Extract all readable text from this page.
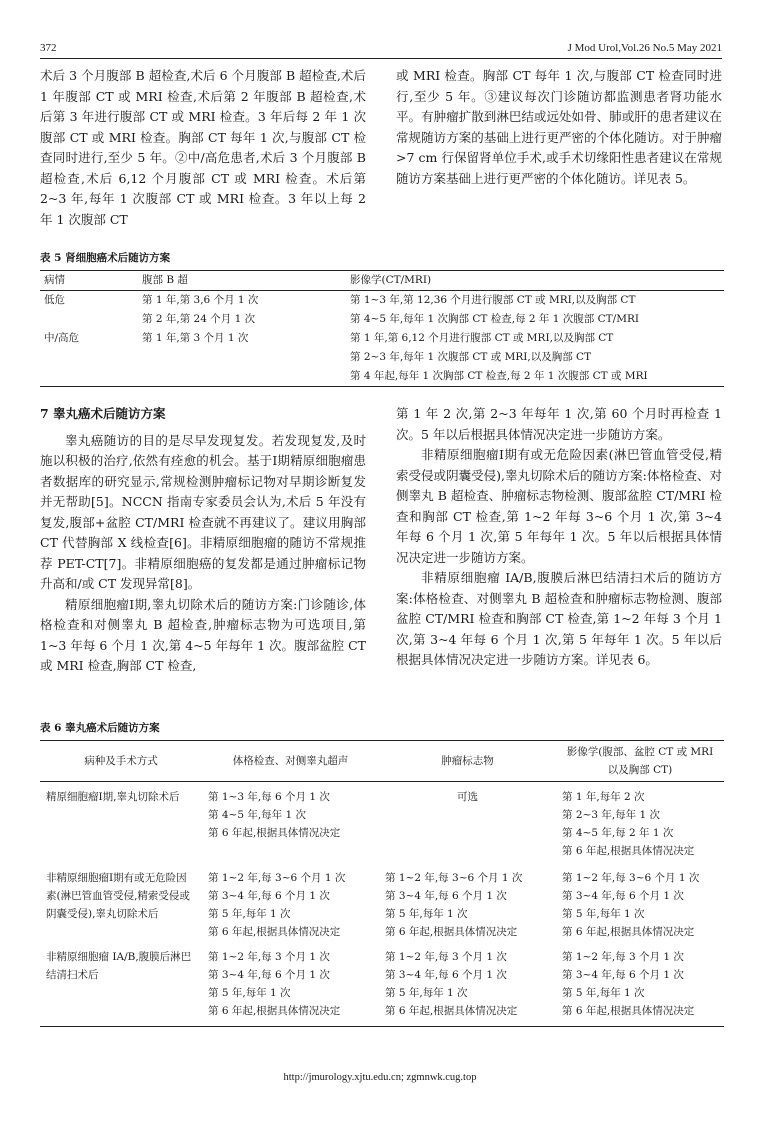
372	J Mod Urol,Vol.26 No.5 May 2021

术后 3 个月腹部 B 超检查,术后 6 个月腹部 B 超检查,术后 1 年腹部 CT 或 MRI 检查,术后第 2 年腹部 B 超检查,术后第 3 年进行腹部 CT 或 MRI 检查。3 年后每 2 年 1 次腹部 CT 或 MRI 检查。胸部 CT 每年 1 次,与腹部 CT 检查同时进行,至少 5 年。②中/高危患者,术后 3 个月腹部 B 超检查,术后 6,12 个月腹部 CT 或 MRI 检查。术后第 2~3 年,每年 1 次腹部 CT 或 MRI 检查。3 年以上每 2 年 1 次腹部 CT

或 MRI 检查。胸部 CT 每年 1 次,与腹部 CT 检查同时进行,至少 5 年。③建议每次门诊随访都监测患者肾功能水平。有肿瘤扩散到淋巴结或远处如骨、肺或肝的患者建议在常规随访方案的基础上进行更严密的个体化随访。对于肿瘤>7 cm 行保留肾单位手术,或手术切缘阳性患者建议在常规随访方案基础上进行更严密的个体化随访。详见表 5。

表 5 肾细胞癌术后随访方案
病情	腹部 B 超	影像学(CT/MRI)
低危	第 1 年,第 3,6 个月 1 次	第 1~3 年,第 12,36 个月进行腹部 CT 或 MRI,以及胸部 CT
	第 2 年,第 24 个月 1 次	第 4~5 年,每年 1 次胸部 CT 检查,每 2 年 1 次腹部 CT/MRI
中/高危	第 1 年,第 3 个月 1 次	第 1 年,第 6,12 个月进行腹部 CT 或 MRI,以及胸部 CT
		第 2~3 年,每年 1 次腹部 CT 或 MRI,以及胸部 CT
		第 4 年起,每年 1 次胸部 CT 检查,每 2 年 1 次腹部 CT 或 MRI

7 睾丸癌术后随访方案

睾丸癌随访的目的是尽早发现复发。若发现复发,及时施以积极的治疗,依然有痊愈的机会。基于Ⅰ期精原细胞瘤患者数据库的研究显示,常规检测肿瘤标记物对早期诊断复发并无帮助[5]。NCCN 指南专家委员会认为,术后 5 年没有复发,腹部+盆腔 CT/MRI 检查就不再建议了。建议用胸部 CT 代替胸部 X 线检查[6]。非精原细胞瘤的随访不常规推荐 PET-CT[7]。非精原细胞癌的复发都是通过肿瘤标记物升高和/或 CT 发现异常[8]。

精原细胞瘤Ⅰ期,睾丸切除术后的随访方案:门诊随诊,体格检查和对侧睾丸 B 超检查,肿瘤标志物为可选项目,第 1~3 年每 6 个月 1 次,第 4~5 年每年 1 次。腹部盆腔 CT 或 MRI 检查,胸部 CT 检查,

第 1 年 2 次,第 2~3 年每年 1 次,第 60 个月时再检查 1 次。5 年以后根据具体情况决定进一步随访方案。

非精原细胞瘤Ⅰ期有或无危险因素(淋巴管血管受侵,精索受侵或阴囊受侵),睾丸切除术后的随访方案:体格检查、对侧睾丸 B 超检查、肿瘤标志物检测、腹部盆腔 CT/MRI 检查和胸部 CT 检查,第 1~2 年每 3~6 个月 1 次,第 3~4 年每 6 个月 1 次,第 5 年每年 1 次。5 年以后根据具体情况决定进一步随访方案。

非精原细胞瘤 IA/B,腹膜后淋巴结清扫术后的随访方案:体格检查、对侧睾丸 B 超检查和肿瘤标志物检测、腹部盆腔 CT/MRI 检查和胸部 CT 检查,第 1~2 年每 3 个月 1 次,第 3~4 年每 6 个月 1 次,第 5 年每年 1 次。5 年以后根据具体情况决定进一步随访方案。详见表 6。

表 6 睾丸癌术后随访方案
病种及手术方式	体格检查、对侧睾丸超声	肿瘤标志物	影像学(腹部、盆腔 CT 或 MRI 以及胸部 CT)
精原细胞瘤Ⅰ期,睾丸切除术后	第 1~3 年,每 6 个月 1 次
第 4~5 年,每年 1 次
第 6 年起,根据具体情况决定	可选	第 1 年,每年 2 次
第 2~3 年,每年 1 次
第 4~5 年,每 2 年 1 次
第 6 年起,根据具体情况决定

非精原细胞瘤Ⅰ期有或无危险因素(淋巴管血管受侵,精索受侵或阴囊受侵),睾丸切除术后	第 1~2 年,每 3~6 个月 1 次
第 3~4 年,每 6 个月 1 次
第 5 年,每年 1 次
第 6 年起,根据具体情况决定	第 1~2 年,每 3~6 个月 1 次
第 3~4 年,每 6 个月 1 次
第 5 年,每年 1 次
第 6 年起,根据具体情况决定	第 1~2 年,每 3~6 个月 1 次
第 3~4 年,每 6 个月 1 次
第 5 年,每年 1 次
第 6 年起,根据具体情况决定

非精原细胞瘤 IA/B,腹膜后淋巴结清扫术后	第 1~2 年,每 3 个月 1 次
第 3~4 年,每 6 个月 1 次
第 5 年,每年 1 次
第 6 年起,根据具体情况决定	第 1~2 年,每 3 个月 1 次
第 3~4 年,每 6 个月 1 次
第 5 年,每年 1 次
第 6 年起,根据具体情况决定	第 1~2 年,每 3 个月 1 次
第 3~4 年,每 6 个月 1 次
第 5 年,每年 1 次
第 6 年起,根据具体情况决定
http://jmurology.xjtu.edu.cn; zgmnwk.cug.top
